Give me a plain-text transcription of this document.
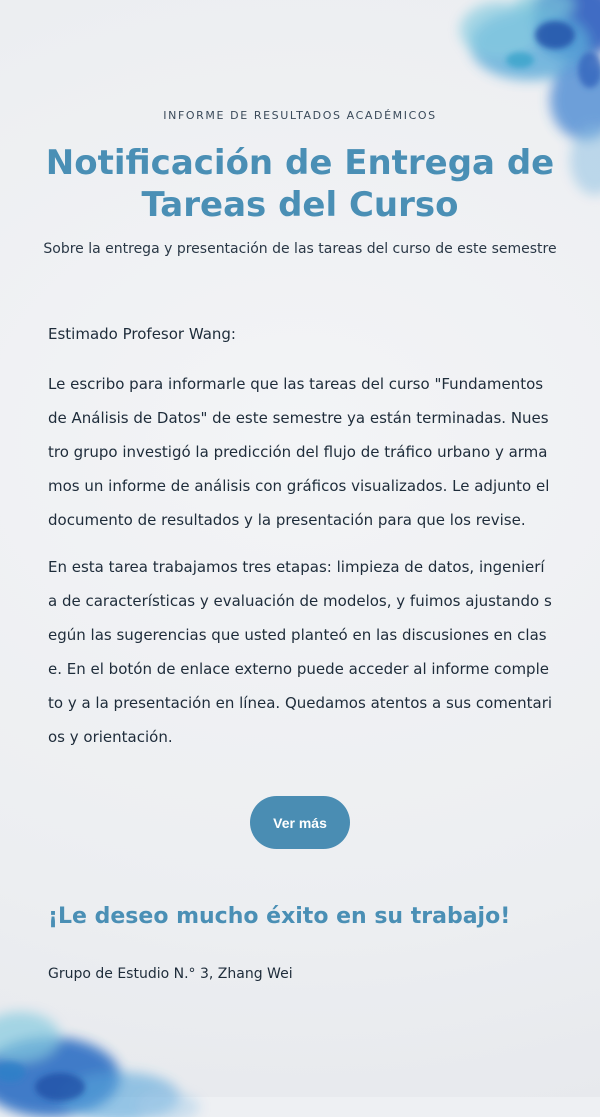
INFORME DE RESULTADOS ACADÉMICOS
Notificación de Entrega de Tareas del Curso
Sobre la entrega y presentación de las tareas del curso de este semestre
Estimado Profesor Wang:

Le escribo para informarle que las tareas del curso "Fundamentos de Análisis de Datos" de este semestre ya están terminadas. Nuestro grupo investigó la predicción del flujo de tráfico urbano y armamos un informe de análisis con gráficos visualizados. Le adjunto el documento de resultados y la presentación para que los revise.

En esta tarea trabajamos tres etapas: limpieza de datos, ingeniería de características y evaluación de modelos, y fuimos ajustando según las sugerencias que usted planteó en las discusiones en clase. En el botón de enlace externo puede acceder al informe completo y a la presentación en línea. Quedamos atentos a sus comentarios y orientación.

Ver más
¡Le deseo mucho éxito en su trabajo!
Grupo de Estudio N.° 3, Zhang Wei
